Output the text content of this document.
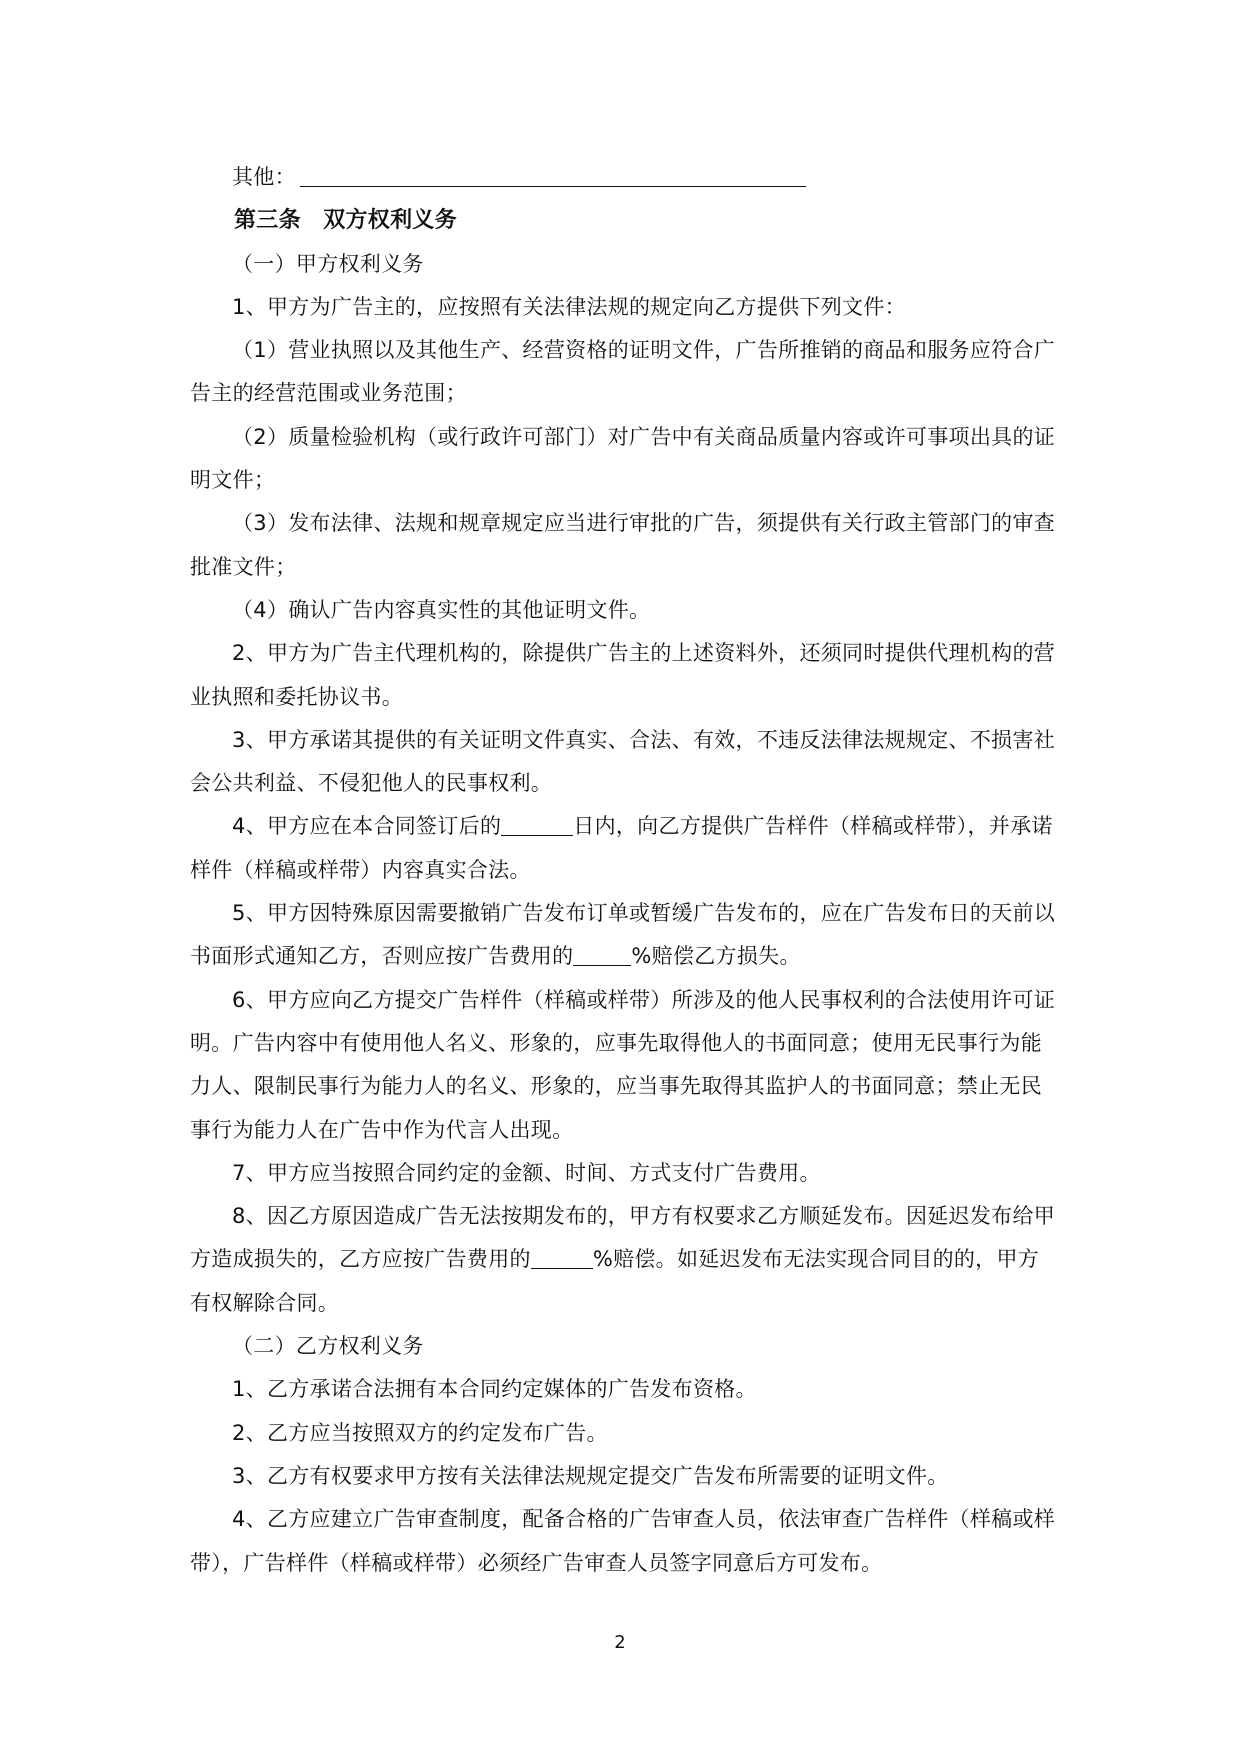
其他：

第三条　双方权利义务

（一）甲方权利义务

1、甲方为广告主的，应按照有关法律法规的规定向乙方提供下列文件：

（1）营业执照以及其他生产、经营资格的证明文件，广告所推销的商品和服务应符合广告主的经营范围或业务范围；

（2）质量检验机构（或行政许可部门）对广告中有关商品质量内容或许可事项出具的证明文件；

（3）发布法律、法规和规章规定应当进行审批的广告，须提供有关行政主管部门的审查批准文件；

（4）确认广告内容真实性的其他证明文件。

2、甲方为广告主代理机构的，除提供广告主的上述资料外，还须同时提供代理机构的营业执照和委托协议书。

3、甲方承诺其提供的有关证明文件真实、合法、有效，不违反法律法规规定、不损害社会公共利益、不侵犯他人的民事权利。

4、甲方应在本合同签订后的	日内，向乙方提供广告样件（样稿或样带），并承诺样件（样稿或样带）内容真实合法。

5、甲方因特殊原因需要撤销广告发布订单或暂缓广告发布的，应在广告发布日的天前以书面形式通知乙方，否则应按广告费用的	%赔偿乙方损失。

6、甲方应向乙方提交广告样件（样稿或样带）所涉及的他人民事权利的合法使用许可证明。广告内容中有使用他人名义、形象的，应事先取得他人的书面同意；使用无民事行为能力人、限制民事行为能力人的名义、形象的，应当事先取得其监护人的书面同意；禁止无民事行为能力人在广告中作为代言人出现。

7、甲方应当按照合同约定的金额、时间、方式支付广告费用。

8、因乙方原因造成广告无法按期发布的，甲方有权要求乙方顺延发布。因延迟发布给甲方造成损失的，乙方应按广告费用的	%赔偿。如延迟发布无法实现合同目的的，甲方有权解除合同。

（二）乙方权利义务

1、乙方承诺合法拥有本合同约定媒体的广告发布资格。

2、乙方应当按照双方的约定发布广告。

3、乙方有权要求甲方按有关法律法规规定提交广告发布所需要的证明文件。

4、乙方应建立广告审查制度，配备合格的广告审查人员，依法审查广告样件（样稿或样带），广告样件（样稿或样带）必须经广告审查人员签字同意后方可发布。

2
